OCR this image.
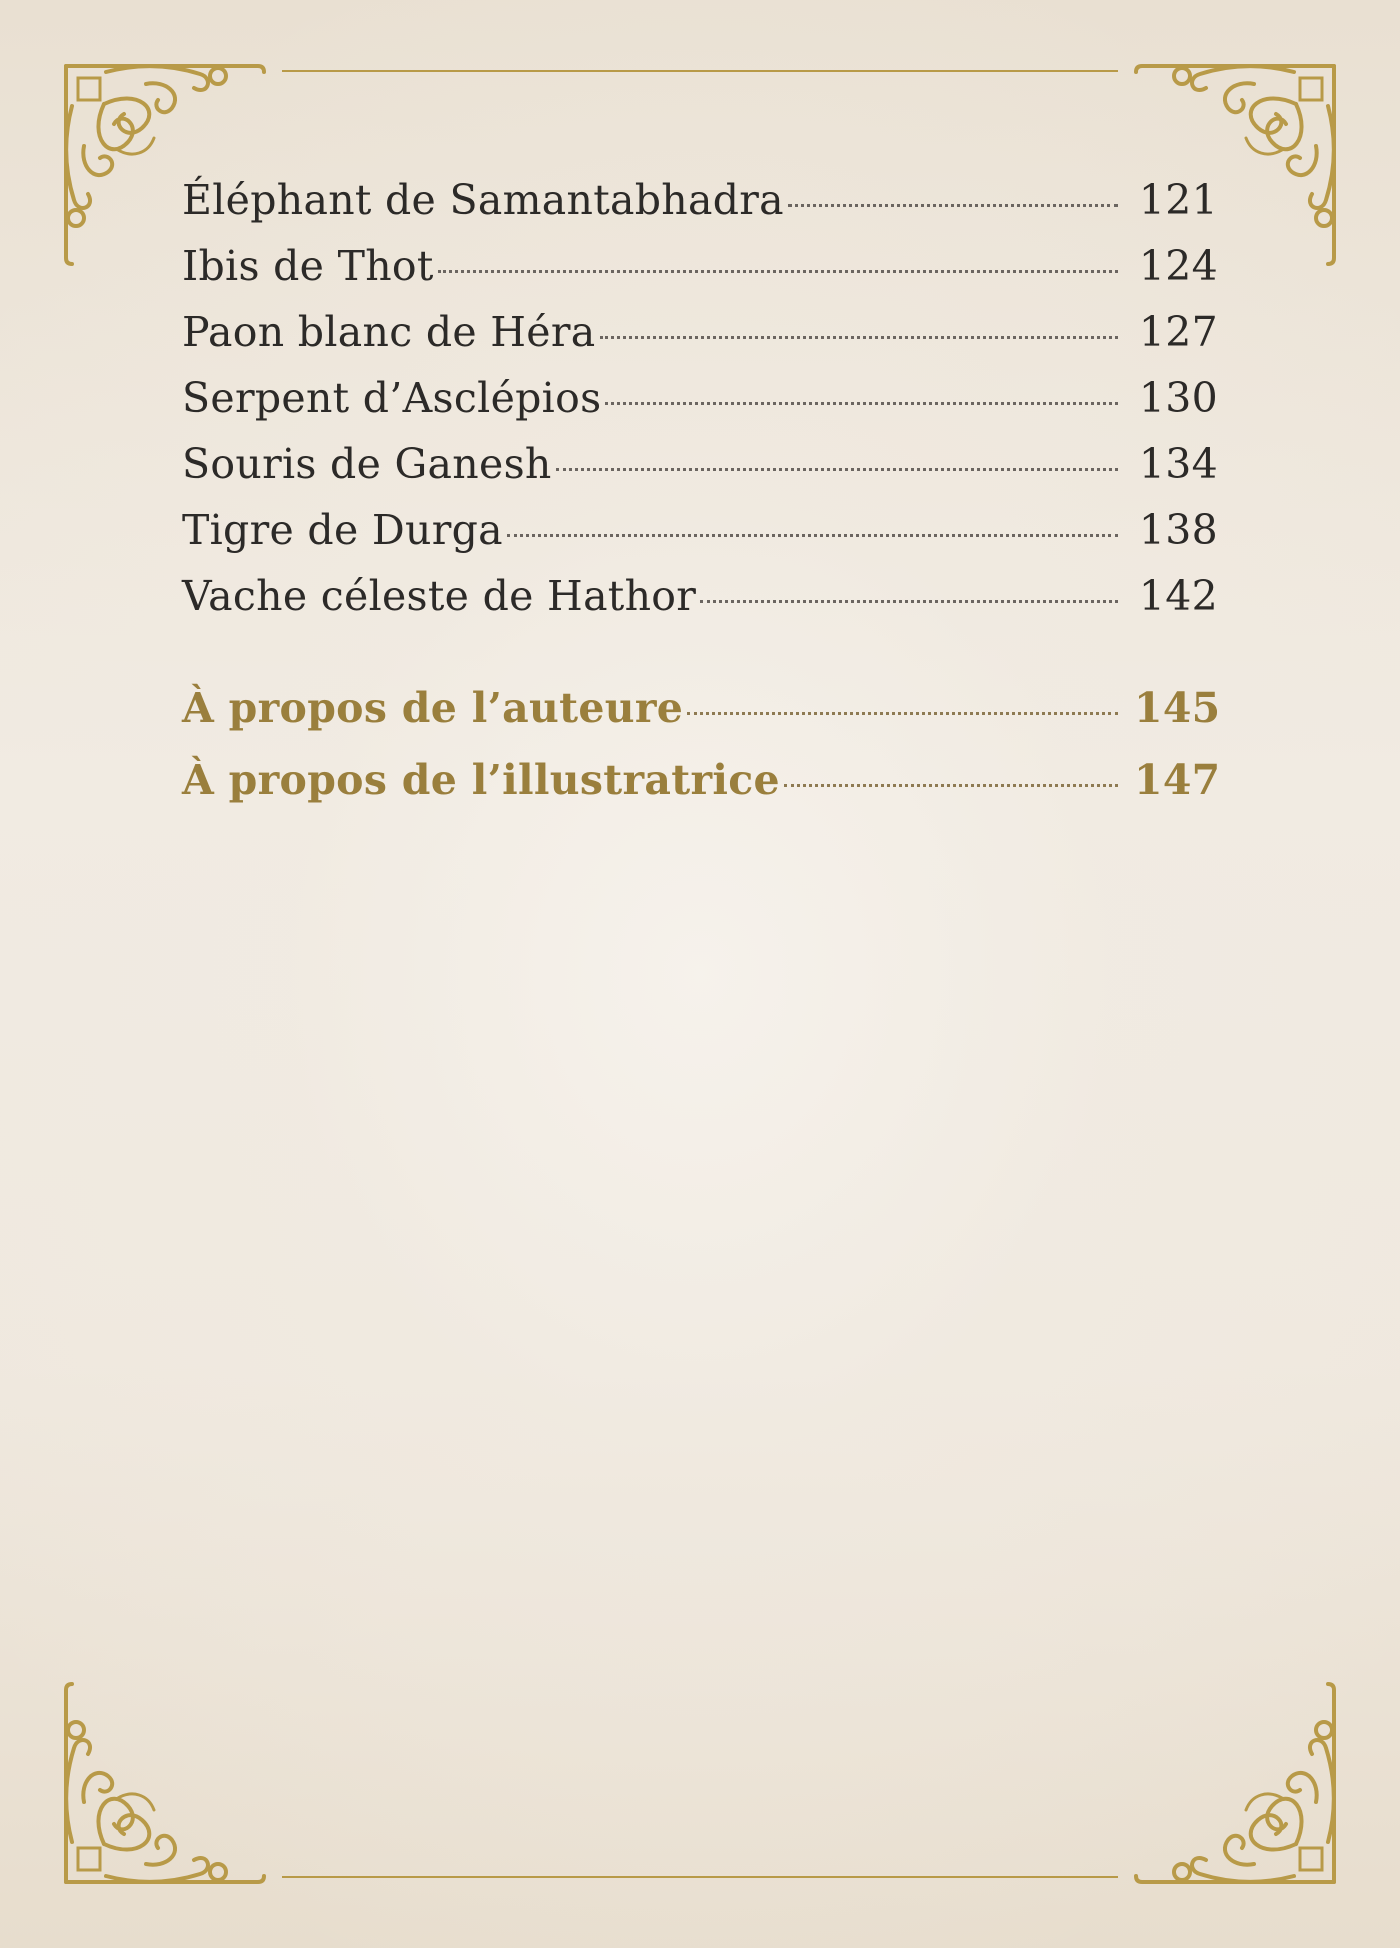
Éléphant de Samantabhadra	121
Ibis de Thot	124
Paon blanc de Héra	127
Serpent d’Asclépios	130
Souris de Ganesh	134
Tigre de Durga	138
Vache céleste de Hathor	142
À propos de l’auteure	145
À propos de l’illustratrice	147
